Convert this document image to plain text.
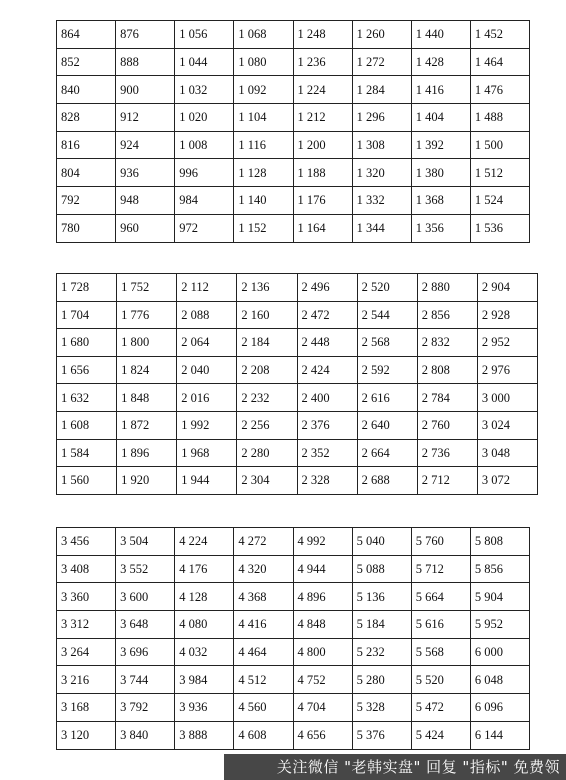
864	876	1 056	1 068	1 248	1 260	1 440	1 452
852	888	1 044	1 080	1 236	1 272	1 428	1 464
840	900	1 032	1 092	1 224	1 284	1 416	1 476
828	912	1 020	1 104	1 212	1 296	1 404	1 488
816	924	1 008	1 116	1 200	1 308	1 392	1 500
804	936	996	1 128	1 188	1 320	1 380	1 512
792	948	984	1 140	1 176	1 332	1 368	1 524
780	960	972	1 152	1 164	1 344	1 356	1 536
1 728	1 752	2 112	2 136	2 496	2 520	2 880	2 904
1 704	1 776	2 088	2 160	2 472	2 544	2 856	2 928
1 680	1 800	2 064	2 184	2 448	2 568	2 832	2 952
1 656	1 824	2 040	2 208	2 424	2 592	2 808	2 976
1 632	1 848	2 016	2 232	2 400	2 616	2 784	3 000
1 608	1 872	1 992	2 256	2 376	2 640	2 760	3 024
1 584	1 896	1 968	2 280	2 352	2 664	2 736	3 048
1 560	1 920	1 944	2 304	2 328	2 688	2 712	3 072
3 456	3 504	4 224	4 272	4 992	5 040	5 760	5 808
3 408	3 552	4 176	4 320	4 944	5 088	5 712	5 856
3 360	3 600	4 128	4 368	4 896	5 136	5 664	5 904
3 312	3 648	4 080	4 416	4 848	5 184	5 616	5 952
3 264	3 696	4 032	4 464	4 800	5 232	5 568	6 000
3 216	3 744	3 984	4 512	4 752	5 280	5 520	6 048
3 168	3 792	3 936	4 560	4 704	5 328	5 472	6 096
3 120	3 840	3 888	4 608	4 656	5 376	5 424	6 144
关注微信 "老韩实盘" 回复 "指标" 免费领
